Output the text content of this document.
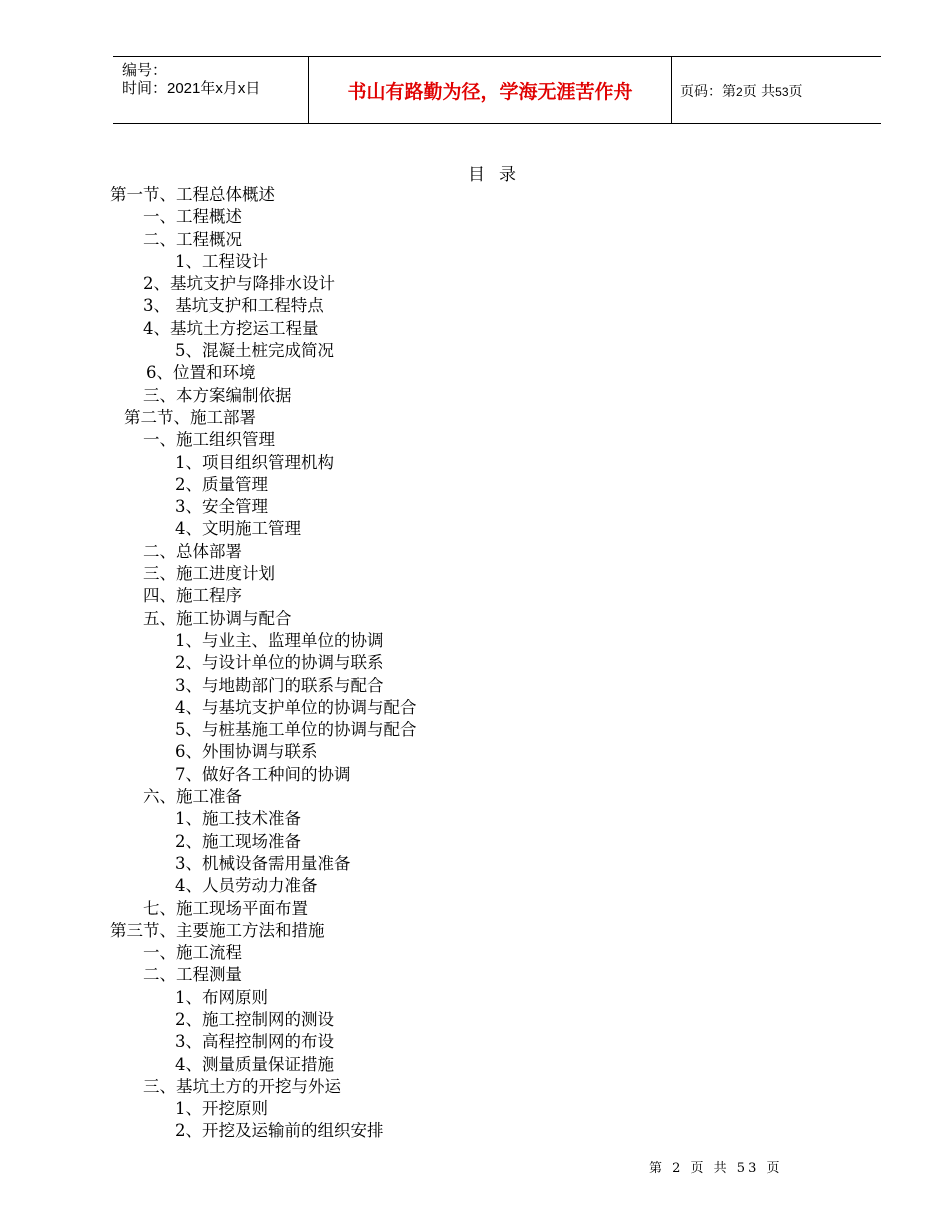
编号：
时间：2021年x月x日	书山有路勤为径，学海无涯苦作舟	页码：第2页 共53页
目录
第一节、工程总体概述
一、工程概述
二、工程概况
1、工程设计
2、基坑支护与降排水设计
3、 基坑支护和工程特点
4、基坑土方挖运工程量
5、混凝土桩完成简况
6、位置和环境
三、本方案编制依据
第二节、施工部署
一、施工组织管理
1、项目组织管理机构
2、质量管理
3、安全管理
4、文明施工管理
二、总体部署
三、施工进度计划
四、施工程序
五、施工协调与配合
1、与业主、监理单位的协调
2、与设计单位的协调与联系
3、与地勘部门的联系与配合
4、与基坑支护单位的协调与配合
5、与桩基施工单位的协调与配合
6、外围协调与联系
7、做好各工种间的协调
六、施工准备
1、施工技术准备
2、施工现场准备
3、机械设备需用量准备
4、人员劳动力准备
七、施工现场平面布置
第三节、主要施工方法和措施
一、施工流程
二、工程测量
1、布网原则
2、施工控制网的测设
3、高程控制网的布设
4、测量质量保证措施
三、基坑土方的开挖与外运
1、开挖原则
2、开挖及运输前的组织安排
第 2 页 共 53 页
